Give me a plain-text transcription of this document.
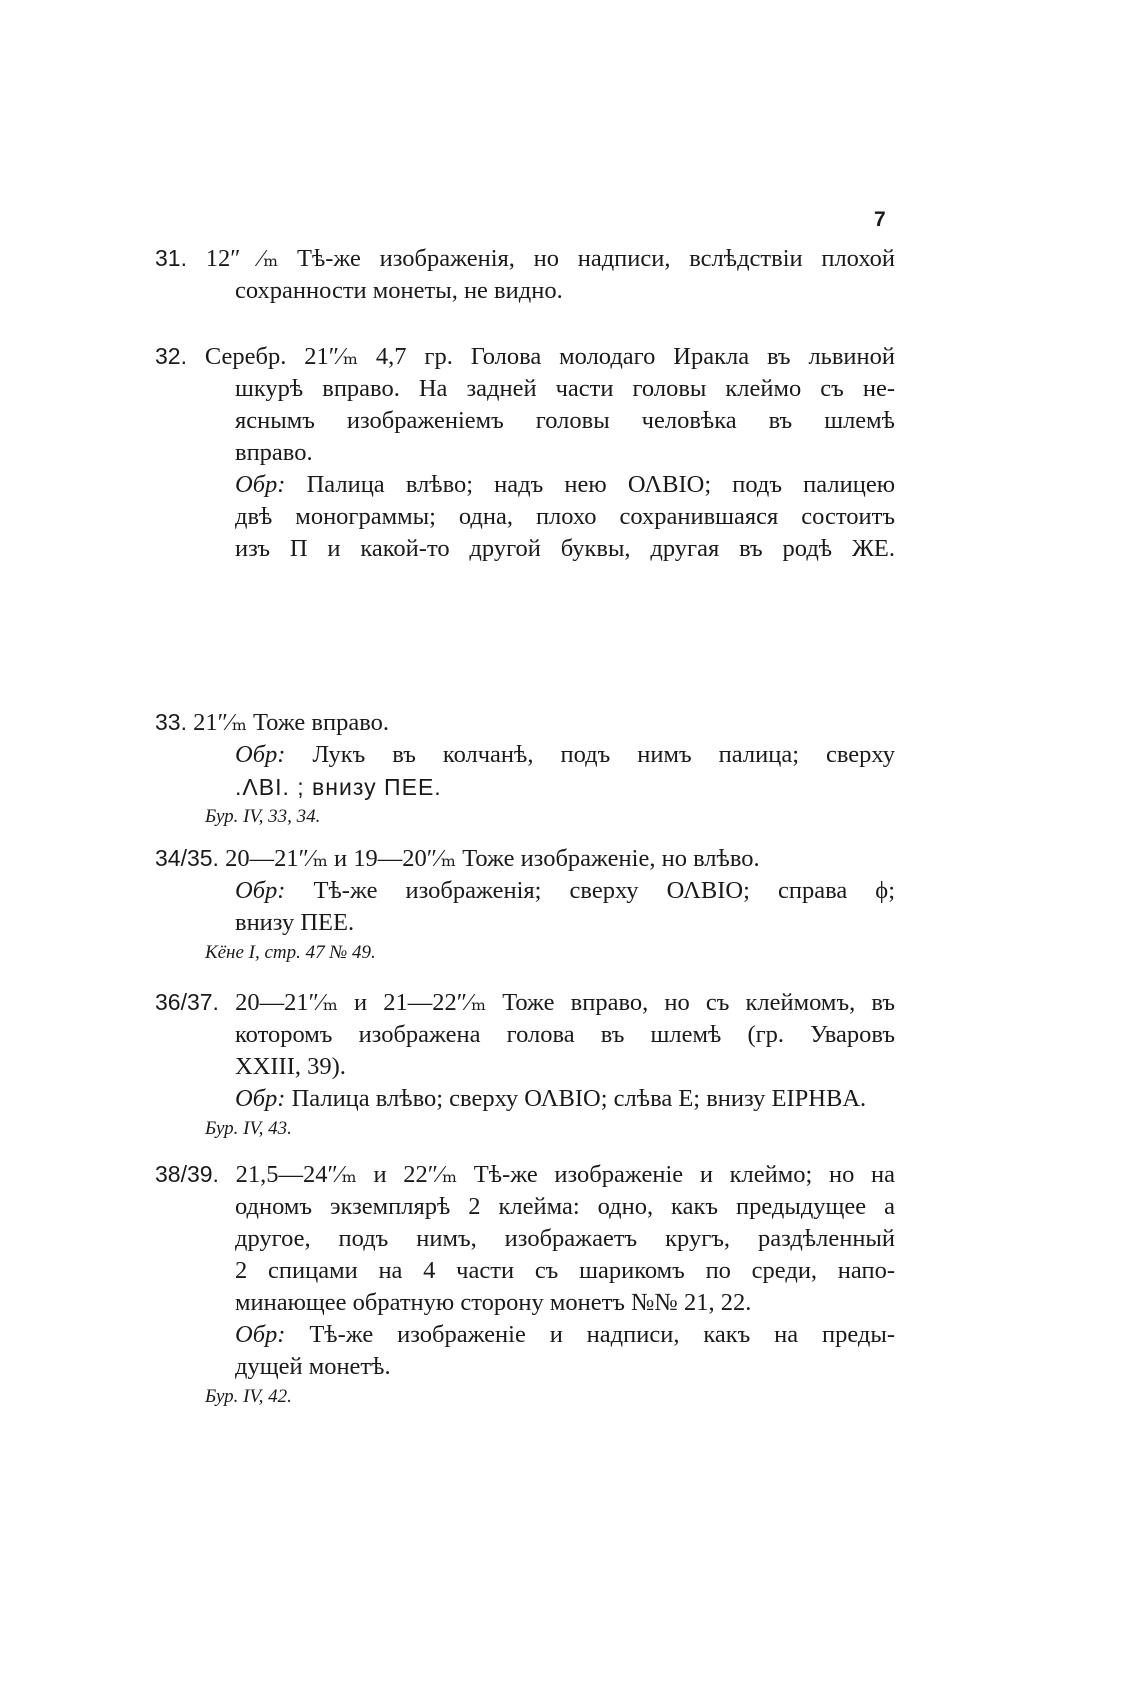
7
31. 12″ ⁄ₘ Тѣ-же изображенiя, но надписи, вслѣдствiи плохой
сохранности монеты, не видно.
32. Серебр. 21″⁄ₘ 4,7 гр. Голова молодаго Иракла въ львиной
шкурѣ вправо. На задней части головы клеймо съ не-
яснымъ изображенiемъ головы человѣка въ шлемѣ
вправо.
Обр: Палица влѣво; надъ нею ΟΛΒΙΟ; подъ палицею
двѣ монограммы; одна, плохо сохранившаяся состоитъ
изъ Π и какой-то другой буквы, другая въ родѣ ЖЕ.
33. 21″⁄ₘ Тоже вправо.
Обр: Лукъ въ колчанѣ, подъ нимъ палица; сверху
.ΛΒΙ. ; внизу ΠΕΕ.
Бур. IV, 33, 34.
34/35. 20—21″⁄ₘ и 19—20″⁄ₘ Тоже изображенiе, но влѣво.
Обр: Тѣ-же изображенiя; сверху ΟΛΒΙΟ; справа ϕ;
внизу ΠΕΕ.
Кёне I, стр. 47 № 49.
36/37. 20—21″⁄ₘ и 21—22″⁄ₘ Тоже вправо, но съ клеймомъ, въ
которомъ изображена голова въ шлемѣ (гр. Уваровъ
XXIII, 39).
Обр: Палица влѣво; сверху ΟΛΒΙΟ; слѣва Ε; внизу ΕΙΡΗΒΑ.
Бур. IV, 43.
38/39. 21,5—24″⁄ₘ и 22″⁄ₘ Тѣ-же изображенiе и клеймо; но на
одномъ экземплярѣ 2 клейма: одно, какъ предыдущее а
другое, подъ нимъ, изображаетъ кругъ, раздѣленный
2 спицами на 4 части съ шарикомъ по среди, напо-
минающее обратную сторону монетъ №№ 21, 22.
Обр: Тѣ-же изображенiе и надписи, какъ на преды-
дущей монетѣ.
Бур. IV, 42.
